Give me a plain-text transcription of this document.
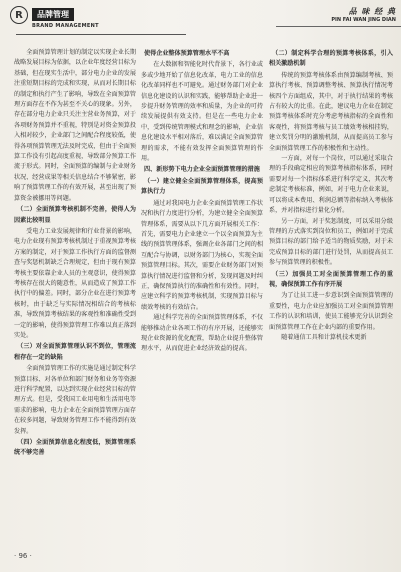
R	品牌管理
BRAND MANAGEMENT
品 味 经 典
PIN FAI WAN JING DIAN

全面预算管理计划的制定以实现企业长期战略发展目标为依据，以企业年度经营目标为基础，但在现实生活中，部分电力企业的发展注重短期目标的完成和实现，从而对长期目标的制定和执行产生了影响，导致在全面预算管理方面存在不作为甚至不关心的现象。另外，存在部分电力企业只关注主营业务预算，对于各项财务预算并不重视，特别是对资金预算投入相对较少，企业部门之间配合程度较低，使得各项预算管理无法及时完成，但由于全面预算工作没有引起高度重视，导致部分预算工作流于形式。同时，全面预算的编制与企业财务状况、经营成果等相关信息结合不够紧密，影响了预算管理工作的有效开展，甚至出现了预算资金被挪用等问题。

（二）全面预算考核机制不完善，使得人为因素比较明显

受电力工业发展规律和行业背景的影响，电力企业现有预算考核机制过于重视预算考核方案的制定，对于预算工作执行方面的监督测查与奖惩机制缺乏合理规定，但由于现有预算考核主要依靠企业人员的主观意识，使得预算考核存在很大的随意性，从而造成了预算工作执行中的偏差。同时，部分企业在进行预算考核时，由于缺乏与实际情况相结合的考核标准，导致预算考核结果的客观性和准确性受到一定的影响，使得预算管理工作难以真正落到实处。

（三）对全面预算管理认识不到位，管理流程存在一定的缺陷

全面预算管理工作的实施是通过制定科学预算目标、对各单位和部门财务和业务等资源进行科学配置，以达到实现企业经营目标的管理方式。但是，受我国工业用电和生活用电等需求的影响，电力企业在全面预算管理方面存在较多问题，导致财务管理工作不能得到有效发挥。

（四）全面预算信息化程度低，预算管理系统不够完善
使得企业整体预算管理水平不高

在大数据和智能化时代背景下，各行业或多或少地开始了信息化改革，电力工业的信息化改革同样也不可避免。通过财务部门对企业信息化建设的认识和实践，能够帮助企业进一步提升财务管理的效率和质量，为企业的可持续发展提供有效支持。但是在一些电力企业中，受到传统管理模式和理念的影响，企业信息化建设水平相对落后，难以满足全面预算管理的需求，不能有效发挥全面预算管理的作用。

四、新形势下电力企业全面预算管理的措施
（一）建立健全全面预算管理体系，提高预算执行力

通过对我国电力企业全面预算管理工作状况和执行力度进行分析，为建立健全全面预算管理体系，需要从以下几方面开展相关工作：首先，需要电力企业建立一个以全面预算为主线的预算管理体系，强调企业各部门之间的相互配合与协调，以财务部门为核心，实现全面预算管理目标。其次，需要企业财务部门对预算执行情况进行监督和分析，发现问题及时纠正，确保预算执行的准确性和有效性。同时，应建立科学的预算考核机制，实现预算目标与绩效考核的有效结合。

通过科学完善的全面预算管理体系，不仅能够推动企业各项工作的有序开展，还能够实现企业资源的优化配置，帮助企业提升整体管理水平，从而促进企业经济效益的提高。

（二）制定科学合理的预算考核体系，引入相关激励机制

传统的预算考核体系由预算编制考核、预算执行考核、预算调整考核、预算执行情况考核四个方面组成，其中，对于执行结果的考核占有较大的比重。在此，建议电力企业在制定预算考核体系时充分考虑考核指标的全面性和客观性，将预算考核与员工绩效考核相挂钩，建立奖罚分明的激励机制，从而提高员工参与全面预算管理工作的积极性和主动性。

一方面，对每一个岗位，可以通过采取合理的手段确定相应的预算考核指标体系，同时需要对每一个指标体系进行科学定义，其次考虑制定考核标准，例如，对于电力企业来说，可以将成本费用、利润总额等指标纳入考核体系，并对指标进行量化分析。

另一方面，对于奖惩制度，可以采用分级管理的方式落实到岗位和员工，例如对于完成预算目标的部门给予适当的物质奖励，对于未完成预算目标的部门进行处罚，从而提高员工参与预算管理的积极性。

（三）加强员工对全面预算管理工作的重视，确保预算工作有序开展

为了让员工进一步意识到全面预算管理的重要性，电力企业应加强员工对全面预算管理工作的认识和培训，使员工能够充分认识到全面预算管理工作在企业内部的重要作用。

随着通信工具和计算机技术更新

· 96 ·
